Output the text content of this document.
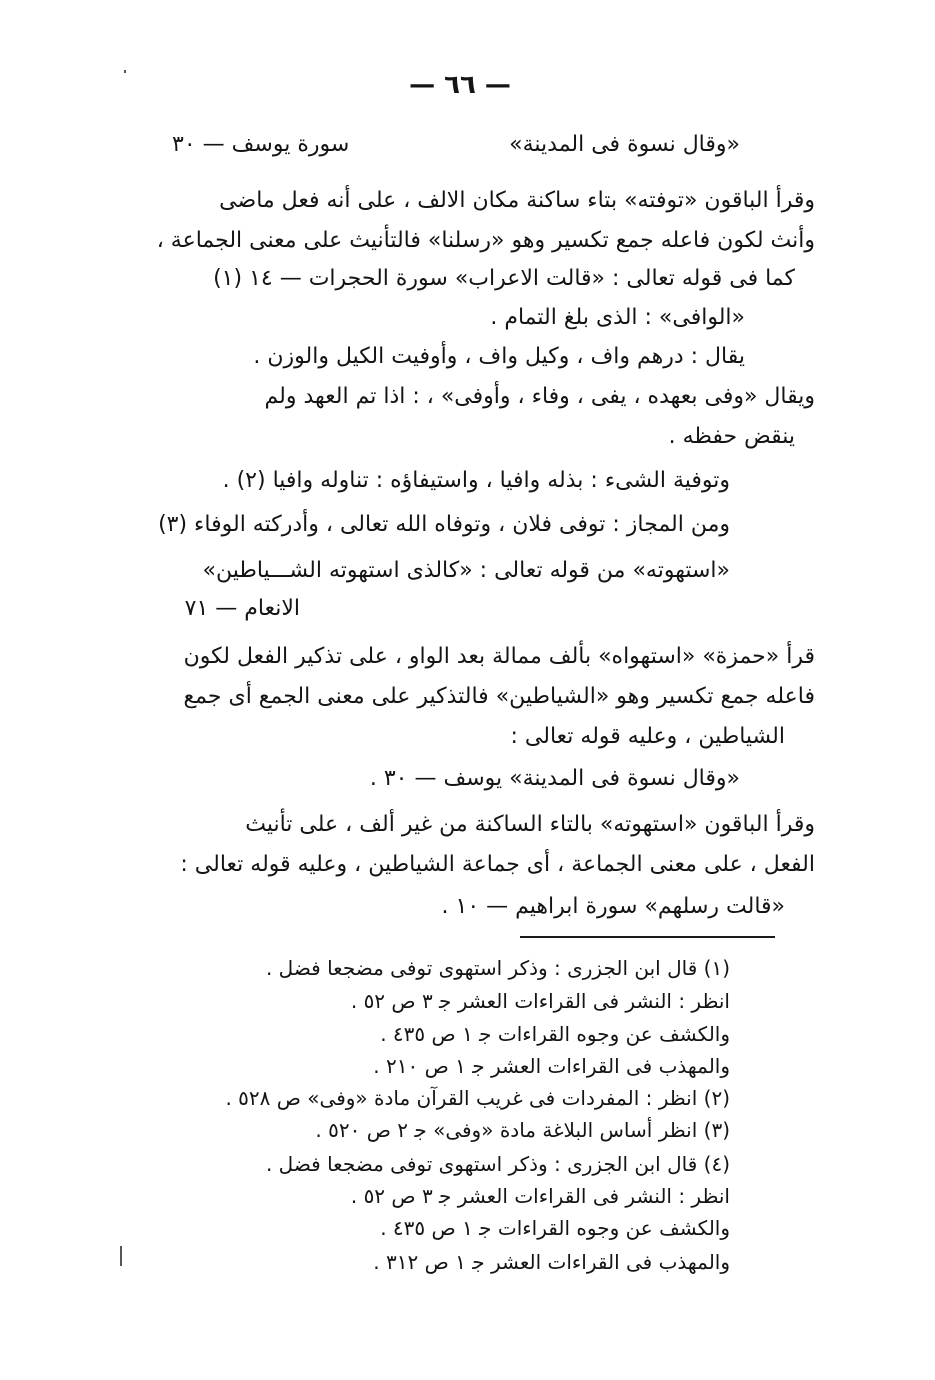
— ٦٦ —
«وقال نسوة فى المدينة»
سورة يوسف — ٣٠
وقرأ الباقون «توفته» بتاء ساكنة مكان الالف ، على أنه فعل ماضى
وأنث لكون فاعله جمع تكسير وهو «رسلنا» فالتأنيث على معنى الجماعة ،
كما فى قوله تعالى : «قالت الاعراب» سورة الحجرات — ١٤ (١)
«الوافى» : الذى بلغ التمام .
يقال : درهم واف ، وكيل واف ، وأوفيت الكيل والوزن .
ويقال «وفى بعهده ، يفى ، وفاء ، وأوفى» ، : اذا تم العهد ولم
ينقض حفظه .
وتوفية الشىء : بذله وافيا ، واستيفاؤه : تناوله وافيا (٢) .
ومن المجاز : توفى فلان ، وتوفاه الله تعالى ، وأدركته الوفاء (٣)
«استهوته» من قوله تعالى : «كالذى استهوته الشـــياطين»
الانعام — ٧١
قرأ «حمزة» «استهواه» بألف ممالة بعد الواو ، على تذكير الفعل لكون
فاعله جمع تكسير وهو «الشياطين» فالتذكير على معنى الجمع أى جمع
الشياطين ، وعليه قوله تعالى :
«وقال نسوة فى المدينة» يوسف — ٣٠ .
وقرأ الباقون «استهوته» بالتاء الساكنة من غير ألف ، على تأنيث
الفعل ، على معنى الجماعة ، أى جماعة الشياطين ، وعليه قوله تعالى :
«قالت رسلهم» سورة ابراهيم — ١٠ .
(١) قال ابن الجزرى : وذكر استهوى توفى مضجعا فضل .
انظر : النشر فى القراءات العشر ﺟ ٣ ص ٥٢ .
والكشف عن وجوه القراءات ﺟ ١ ص ٤٣٥ .
والمهذب فى القراءات العشر ﺟ ١ ص ٢١٠ .
(٢) انظر : المفردات فى غريب القرآن مادة «وفى» ص ٥٢٨ .
(٣) انظر أساس البلاغة مادة «وفى» ﺟ ٢ ص ٥٢٠ .
(٤) قال ابن الجزرى : وذكر استهوى توفى مضجعا فضل .
انظر : النشر فى القراءات العشر ﺟ ٣ ص ٥٢ .
والكشف عن وجوه القراءات ﺟ ١ ص ٤٣٥ .
والمهذب فى القراءات العشر ﺟ ١ ص ٣١٢ .
